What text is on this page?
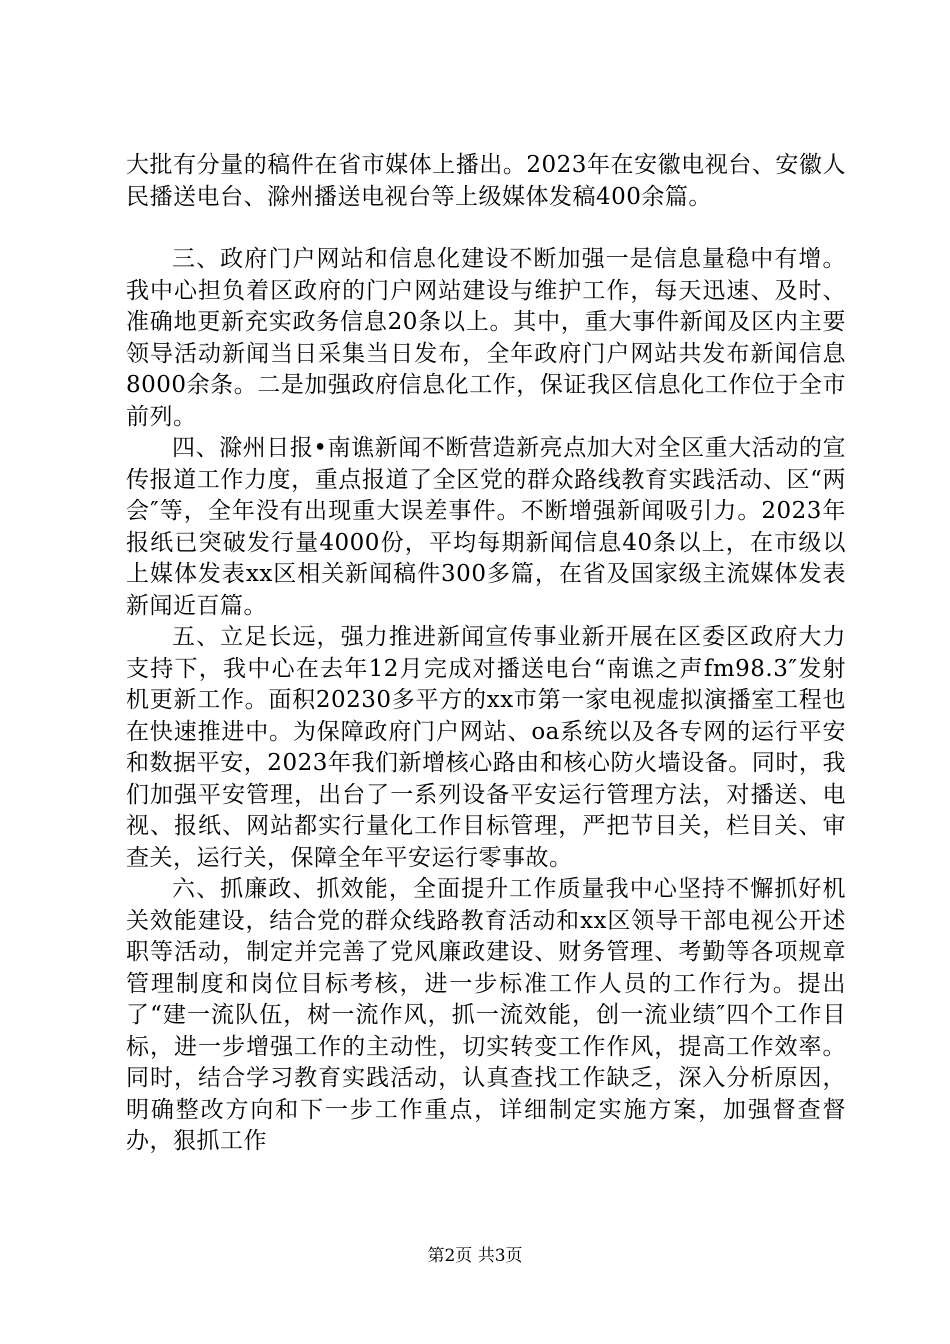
大批有分量的稿件在省市媒体上播出。2023年在安徽电视台、安徽人民播送电台、滁州播送电视台等上级媒体发稿400余篇。

三、政府门户网站和信息化建设不断加强一是信息量稳中有增。我中心担负着区政府的门户网站建设与维护工作，每天迅速、及时、准确地更新充实政务信息20条以上。其中，重大事件新闻及区内主要领导活动新闻当日采集当日发布，全年政府门户网站共发布新闻信息8000余条。二是加强政府信息化工作，保证我区信息化工作位于全市前列。

四、滁州日报•南谯新闻不断营造新亮点加大对全区重大活动的宣传报道工作力度，重点报道了全区党的群众路线教育实践活动、区“两会″等，全年没有出现重大误差事件。不断增强新闻吸引力。2023年报纸已突破发行量4000份，平均每期新闻信息40条以上，在市级以上媒体发表xx区相关新闻稿件300多篇，在省及国家级主流媒体发表新闻近百篇。

五、立足长远，强力推进新闻宣传事业新开展在区委区政府大力支持下，我中心在去年12月完成对播送电台“南谯之声fm98.3″发射机更新工作。面积20230多平方的xx市第一家电视虚拟演播室工程也在快速推进中。为保障政府门户网站、oa系统以及各专网的运行平安和数据平安，2023年我们新增核心路由和核心防火墙设备。同时，我们加强平安管理，出台了一系列设备平安运行管理方法，对播送、电视、报纸、网站都实行量化工作目标管理，严把节目关，栏目关、审查关，运行关，保障全年平安运行零事故。

六、抓廉政、抓效能，全面提升工作质量我中心坚持不懈抓好机关效能建设，结合党的群众线路教育活动和xx区领导干部电视公开述职等活动，制定并完善了党风廉政建设、财务管理、考勤等各项规章管理制度和岗位目标考核，进一步标准工作人员的工作行为。提出了“建一流队伍，树一流作风，抓一流效能，创一流业绩″四个工作目标，进一步增强工作的主动性，切实转变工作作风，提高工作效率。同时，结合学习教育实践活动，认真查找工作缺乏，深入分析原因，明确整改方向和下一步工作重点，详细制定实施方案，加强督查督办，狠抓工作

第2页 共3页
